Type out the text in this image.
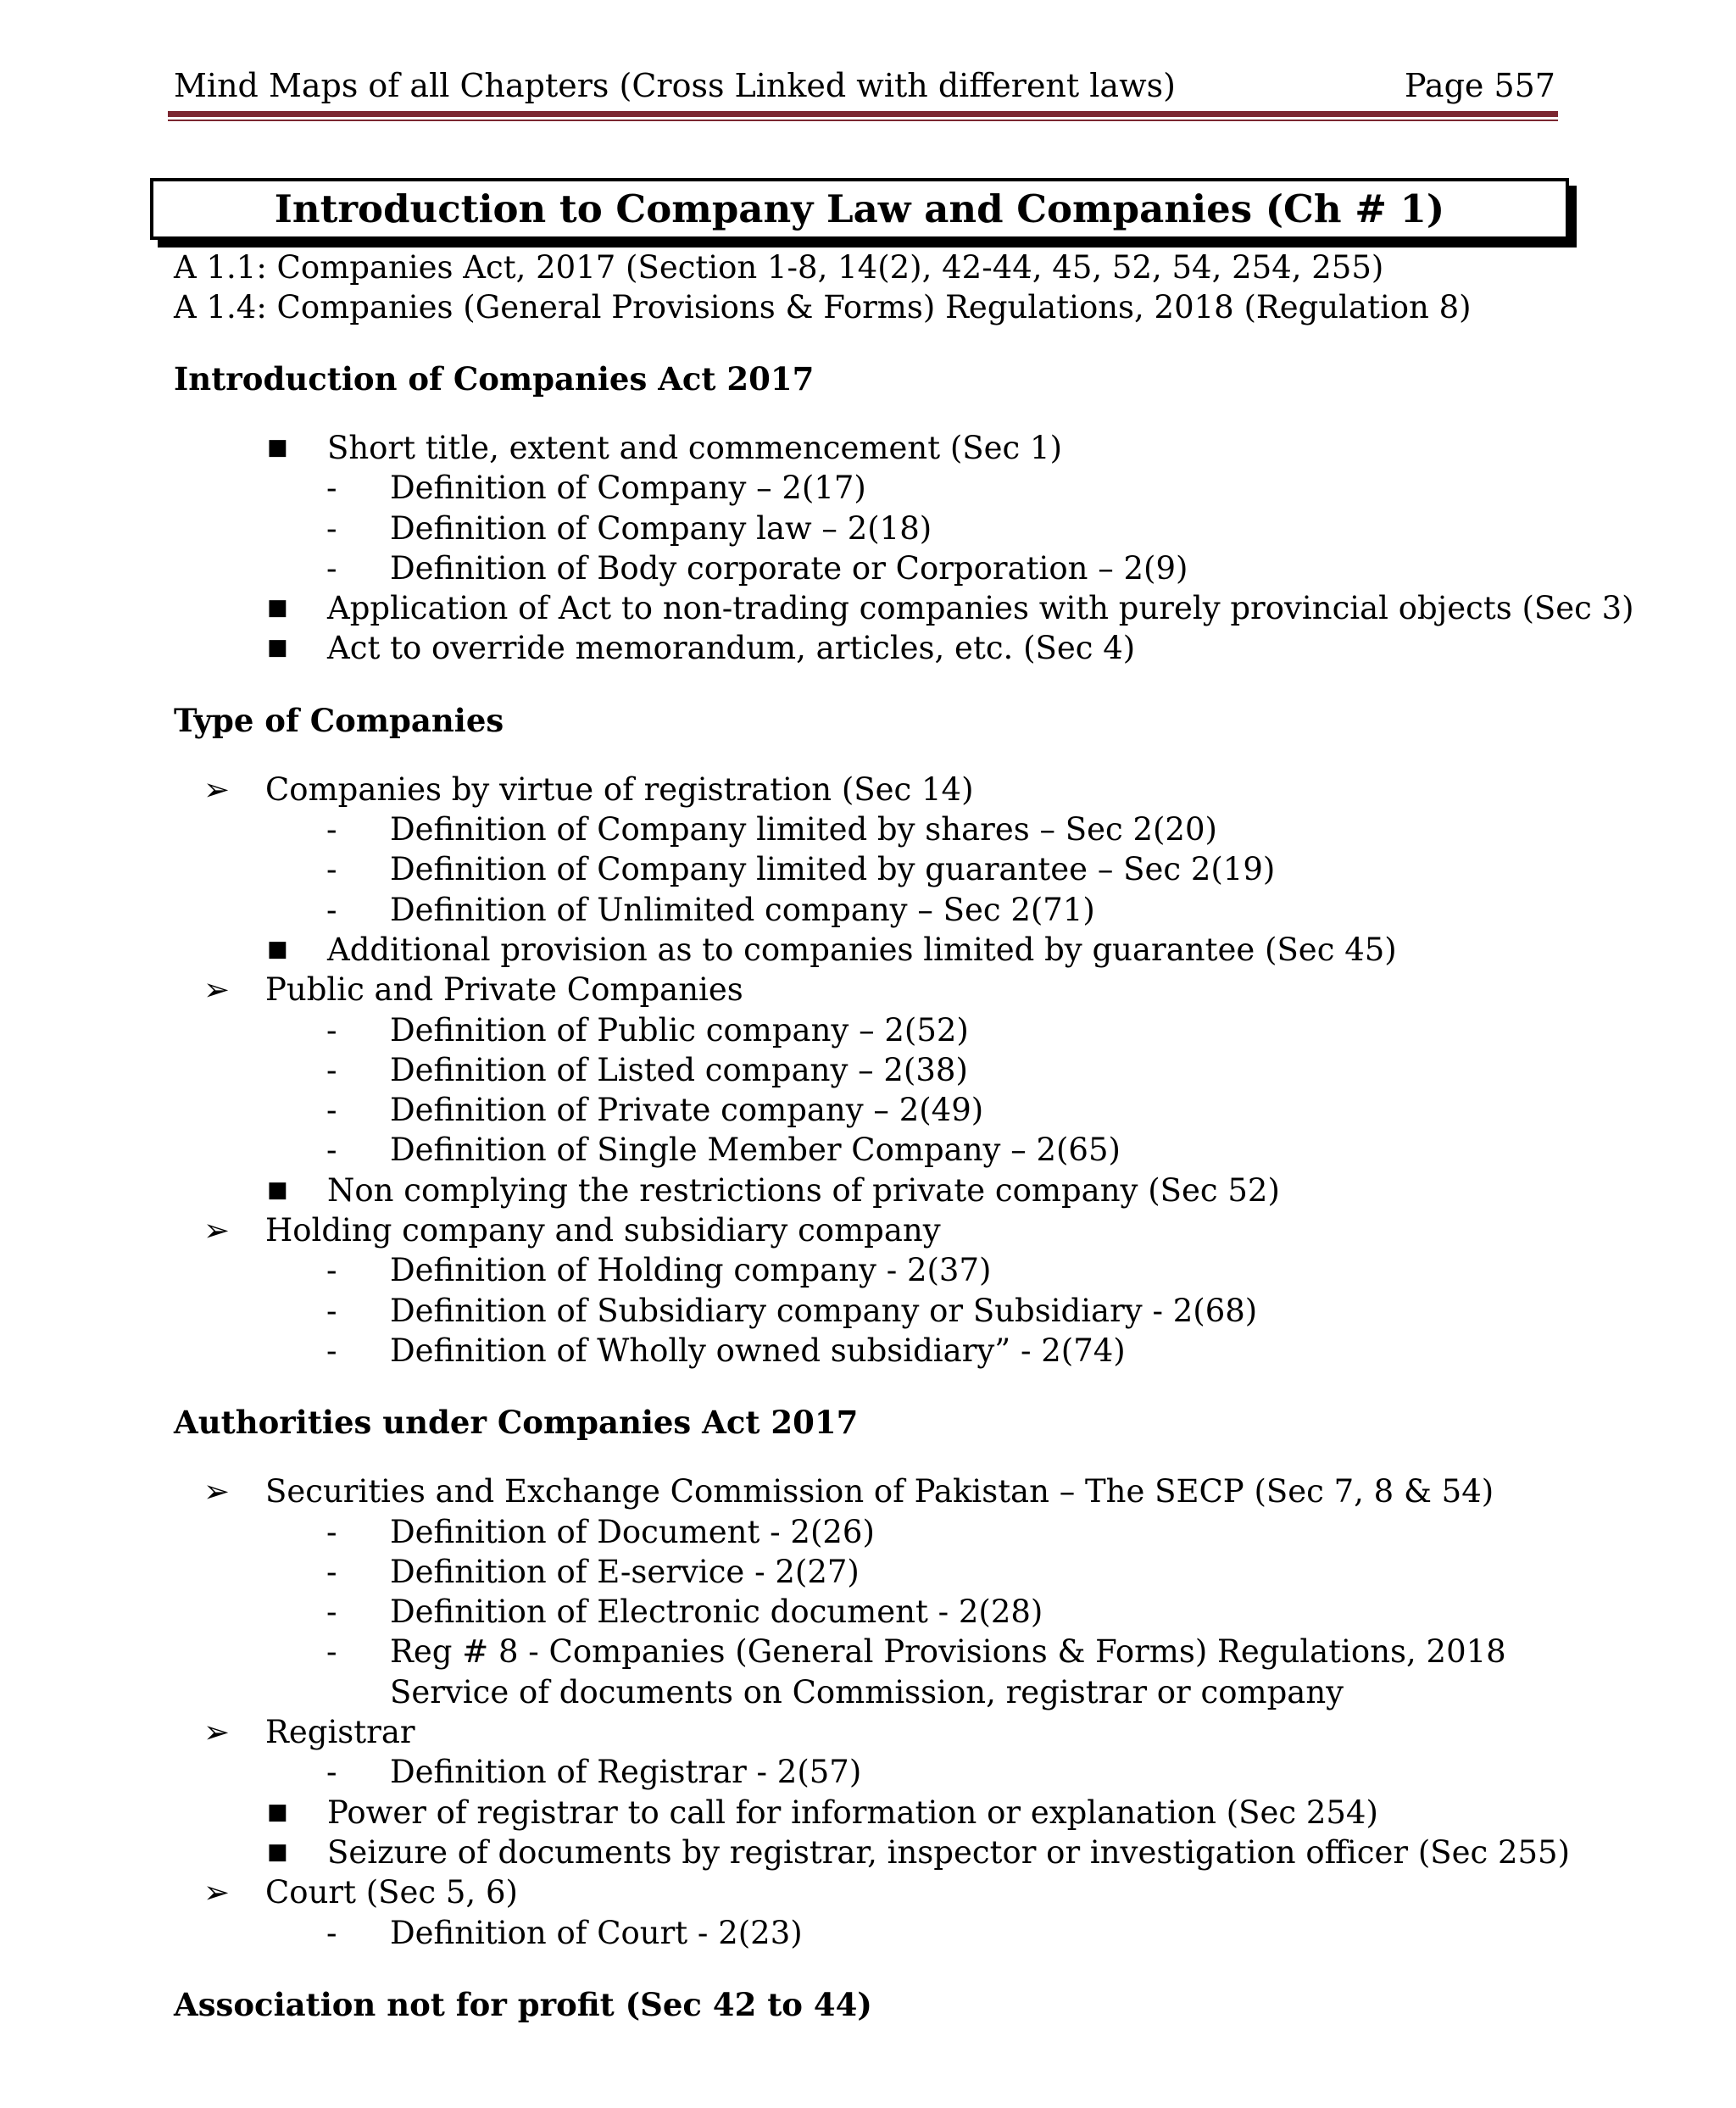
Mind Maps of all Chapters (Cross Linked with different laws)	Page 557
Introduction to Company Law and Companies (Ch # 1)
A 1.1: Companies Act, 2017 (Section 1-8, 14(2), 42-44, 45, 52, 54, 254, 255)
A 1.4: Companies (General Provisions & Forms) Regulations, 2018 (Regulation 8)
Introduction of Companies Act 2017
■ Short title, extent and commencement (Sec 1)
- Definition of Company – 2(17)
- Definition of Company law – 2(18)
- Definition of Body corporate or Corporation – 2(9)
■ Application of Act to non-trading companies with purely provincial objects (Sec 3)
■ Act to override memorandum, articles, etc. (Sec 4)
Type of Companies
➢ Companies by virtue of registration (Sec 14)
- Definition of Company limited by shares – Sec 2(20)
- Definition of Company limited by guarantee – Sec 2(19)
- Definition of Unlimited company – Sec 2(71)
■ Additional provision as to companies limited by guarantee (Sec 45)
➢ Public and Private Companies
- Definition of Public company – 2(52)
- Definition of Listed company – 2(38)
- Definition of Private company – 2(49)
- Definition of Single Member Company – 2(65)
■ Non complying the restrictions of private company (Sec 52)
➢ Holding company and subsidiary company
- Definition of Holding company - 2(37)
- Definition of Subsidiary company or Subsidiary - 2(68)
- Definition of Wholly owned subsidiary” - 2(74)
Authorities under Companies Act 2017
➢ Securities and Exchange Commission of Pakistan – The SECP (Sec 7, 8 & 54)
- Definition of Document - 2(26)
- Definition of E-service - 2(27)
- Definition of Electronic document - 2(28)
- Reg # 8 - Companies (General Provisions & Forms) Regulations, 2018 Service of documents on Commission, registrar or company
➢ Registrar
- Definition of Registrar - 2(57)
■ Power of registrar to call for information or explanation (Sec 254)
■ Seizure of documents by registrar, inspector or investigation officer (Sec 255)
➢ Court (Sec 5, 6)
- Definition of Court - 2(23)
Association not for profit (Sec 42 to 44)
